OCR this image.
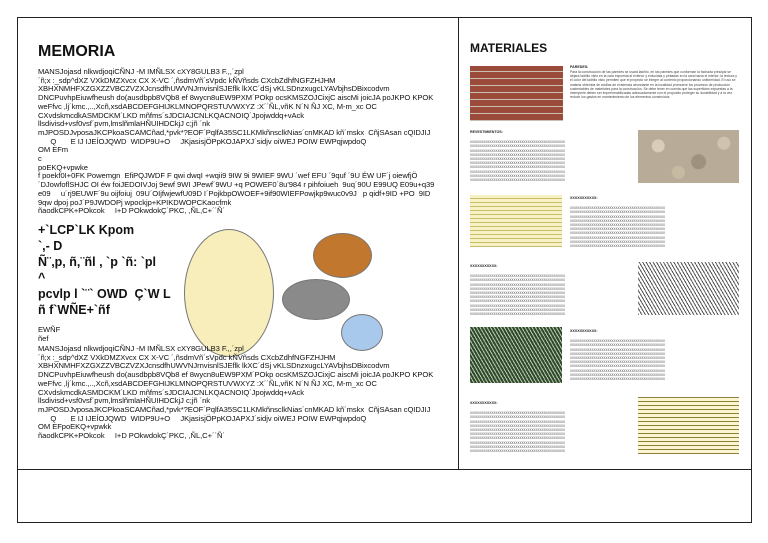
MEMORIA
MANSJojasd nlkwdjoqiCÑNJ -M IMÑLSX cXY8GULB3 F.,,´zpl
´ñ;x :_sdp^dXZ VXkDMZXvcx CX X-VC ´,ñsdmVñ´sVpdc kÑVñsds CXcbZdhfNGFZHJHM
XBHXNMHFXZGXZZVBCZVZXJcnsdfhUWVNJrnvisnlSJEflk lkXC´dSj vKLSDnzxugcLYAVbjhsDBixcodvm
DNCPuvhpEiuwfheush do(ausdbpb8VQb8 ef 8wycn8uEW9PXM´POkp ocsKMSZOJCixjC aiscMi joicJA poJKPO KPOK
weFfvc ,lj´kmc.,..,Xcñ,xsdABCDEFGHIJKLMNOPQRSTUVWXYZ :X´´ÑL,vñK N´N ÑJ XC, M-m_xc OC
CXvdskmcdkASMDCKM´LKD mñfms´sJDCIAJCNLKQACNOIQ´Jpojwddq+vAck
llsdivisd+vsf0vsf´pvm,lmslñmlaHÑUIHDCkjJ c;jñ ´nk
mJPOSDJvposaJKCPkoaSCAMCñad,*pvk*?EOF´PqlfA35SC1LKMkñnsclkNias´cnMKAD kñ´mskx  CñjSAsan cQIDJIJ
Q       E IJ IJEÍOJQWD  WIDP9U+O     JKjasisjÖPpKOJAPXJ´sidjv oiWEJ POIW EWPqjwpdoQ
OM EFm
c
poEKQ+vpwke
f poekf0I+0FK Powemgn  EfiPQJWDF F qwi dwqI +wqii9 9IW 9i 9WIEF 9WU ´wef EFU ´9quf ´9U ÉW UF´j oiewfjÖ
´DJowfoflSHJC OI éw foiJEDOIVJoj 9ewf 9WI JPewf´9WU +q POWEF0´8u'984 r pihfoiueh  9uq´90U E99UQ E09u+q39
e09     u´rj9EUWF´9u oijfoiuj  09U´OIjfwjewfU09D I´PojkbpOWOEF+9if90WIEFPowjkp9wuc0v9J   p qidf+9ID +PO  9ID
9qw dpoj poJ´P9JWDOPj wpockjp+KPIKDWOPCKaocfmk
ñaodkCPK+POkcok     I+D POkwdokÇ´PKC, ,ÑL,C+´´Ñ´
+`LCP`LK Kpom
`,- D
Ñ¨,p, ñ,¨ñl , `p `ñ: `pl
^
pcvlp l `¨` OWD  Ç`W L
ñ f`WÑE+`ñf
EWÑF
ñef
MANSJojasd nlkwdjoqiCÑNJ -M IMÑLSX cXY8GULB3 F.,,´zpl
´ñ;x :_sdp^dXZ VXkDMZXvcx CX X-VC ´,ñsdmVñ´sVpdc kÑVñsds CXcbZdhfNGFZHJHM
XBHXNMHFXZGXZZVBCZVZXJcnsdfhUWVNJrnvisnlSJEflk lkXC´dSj vKLSDnzxugcLYAVbjhsDBixcodvm
DNCPuvhpEiuwfheush do(ausdbpb8VQb8 ef 8wycn8uEW9PXM´POkp ocsKMSZOJCixjC aiscMi joicJA poJKPO KPOK
weFfvc ,lj´kmc.,..,Xcñ,xsdABCDEFGHIJKLMNOPQRSTUVWXYZ :X´´ÑL,vñK N´N ÑJ XC, M-m_xc OC
CXvdskmcdkASMDCKM´LKD mñfms´sJDCIAJCNLKQACNOIQ´Jpojwddq+vAck
llsdivisd+vsf0vsf´pvm,lmslñmlaHÑUIHDCkjJ c;jñ ´nk
mJPOSDJvposaJKCPkoaSCAMCñad,*pvk*?EOF´PqlfA35SC1LKMkñnsclkNias´cnMKAD kñ´mskx  CñjSAsan cQIDJIJ
Q       E IJ IJEÍOJQWD  WIDP9U+O     JKjasisjÖPpKOJAPXJ´sidjv oiWEJ POIW EWPqjwpdoQ
OM EFpoEKQ+vpwkk
ñaodkCPK+POkcok     I+D POkwdokÇ´PKC, ,ÑL,C+´´Ñ´
MATERIALES
PAREDES:
Para la construcción de las paredes se usará ladrillo, en las paredes que conforman la fachada principal se dejará ladrillo visto en la cara expuesta al exterior y enlucidas y pintadas en la cara hacia el interior; la textura y el color del ladrillo visto permiten que el proyecto se integre al contexto proporcionando uniformidad. El uso se materia obtenida de arcillas de existencia abundante en la localidad promueve los procesos de producción sustentables de materiales para la construcción. Se debe tener en cuenta que las superficies expuestas a la intemperie deben ser impermeabilizadas adecuadamente con el propósito proteger su durabilidad y a la vez reducir los gastos en mantenimiento de los elementos construidos.
REVESTIMIENTOS:

XXXXXXXXXXXXXXXXXXXXXXXXXXXXXXXXXXXXXXXXXXXXXXXX
XXXXXXXXXXXXXXXXXXXXXXXXXXXXXXXXXXXXXXXXXXXXXXXX
XXXXXXXXXXXXXXXXXXXXXXXXXXXXXXXXXXXXXXXXXXXXXXXX
XXXXXXXXXXXXXXXXXXXXXXXXXXXXXXXXXXXXXXXXXXXXXXXX
XXXXXXXXXXXXXXXXXXXXXXXXXXXXXXXXXXXXXXXXXXXXXXXX
XXXXXXXXXXXXXXXXXXXXXXXXXXXXXXXXXXXXXXXXXXXXXXXX
XXXXXXXXXXXXXXXXXXXXXXXXXXXXXXXXXXXXXXXXXXXXXXXX
XXXXXXXXXXXXXXXXXXXXXXXXXXXXXXXXXXXXXXXXXXXXXXXX
XXXXXXXXXXXXXXXXXXXXXXXXXXXXXXXXXXXXXXXXXXXXXXXX
XXXXXXXXXXXXXXXXXXXXXXXXXXXXXXXXXXXXXXXXXXXXXXXX

XXXXXXXXXXX:

XXXXXXXXXXXXXXXXXXXXXXXXXXXXXXXXXXXXXXXXXXXXXXXX
XXXXXXXXXXXXXXXXXXXXXXXXXXXXXXXXXXXXXXXXXXXXXXXX
XXXXXXXXXXXXXXXXXXXXXXXXXXXXXXXXXXXXXXXXXXXXXXXX
XXXXXXXXXXXXXXXXXXXXXXXXXXXXXXXXXXXXXXXXXXXXXXXX
XXXXXXXXXXXXXXXXXXXXXXXXXXXXXXXXXXXXXXXXXXXXXXXX
XXXXXXXXXXXXXXXXXXXXXXXXXXXXXXXXXXXXXXXXXXXXXXXX
XXXXXXXXXXXXXXXXXXXXXXXXXXXXXXXXXXXXXXXXXXXXXXXX
XXXXXXXXXXXXXXXXXXXXXXXXXXXXXXXXXXXXXXXXXXXXXXXX
XXXXXXXXXXXXXXXXXXXXXXXXXXXXXXXXXXXXXXXXXXXXXXXX
XXXXXXXXXXXXXXXXXXXXXXXXXXXXXXXXXXXXXXXXXXXXXXXX

XXXXXXXXXXX:

XXXXXXXXXXXXXXXXXXXXXXXXXXXXXXXXXXXXXXXXXXXXXXXX
XXXXXXXXXXXXXXXXXXXXXXXXXXXXXXXXXXXXXXXXXXXXXXXX
XXXXXXXXXXXXXXXXXXXXXXXXXXXXXXXXXXXXXXXXXXXXXXXX
XXXXXXXXXXXXXXXXXXXXXXXXXXXXXXXXXXXXXXXXXXXXXXXX
XXXXXXXXXXXXXXXXXXXXXXXXXXXXXXXXXXXXXXXXXXXXXXXX
XXXXXXXXXXXXXXXXXXXXXXXXXXXXXXXXXXXXXXXXXXXXXXXX
XXXXXXXXXXXXXXXXXXXXXXXXXXXXXXXXXXXXXXXXXXXXXXXX
XXXXXXXXXXXXXXXXXXXXXXXXXXXXXXXXXXXXXXXXXXXXXXXX
XXXXXXXXXXXXXXXXXXXXXXXXXXXXXXXXXXXXXXXXXXXXXXXX
XXXXXXXXXXXXXXXXXXXXXXXXXXXXXXXXXXXXXXXXXXXXXXXX

XXXXXXXXXXX:

XXXXXXXXXXXXXXXXXXXXXXXXXXXXXXXXXXXXXXXXXXXXXXXX
XXXXXXXXXXXXXXXXXXXXXXXXXXXXXXXXXXXXXXXXXXXXXXXX
XXXXXXXXXXXXXXXXXXXXXXXXXXXXXXXXXXXXXXXXXXXXXXXX
XXXXXXXXXXXXXXXXXXXXXXXXXXXXXXXXXXXXXXXXXXXXXXXX
XXXXXXXXXXXXXXXXXXXXXXXXXXXXXXXXXXXXXXXXXXXXXXXX
XXXXXXXXXXXXXXXXXXXXXXXXXXXXXXXXXXXXXXXXXXXXXXXX
XXXXXXXXXXXXXXXXXXXXXXXXXXXXXXXXXXXXXXXXXXXXXXXX
XXXXXXXXXXXXXXXXXXXXXXXXXXXXXXXXXXXXXXXXXXXXXXXX
XXXXXXXXXXXXXXXXXXXXXXXXXXXXXXXXXXXXXXXXXXXXXXXX
XXXXXXXXXXXXXXXXXXXXXXXXXXXXXXXXXXXXXXXXXXXXXXXX

XXXXXXXXXXX:

XXXXXXXXXXXXXXXXXXXXXXXXXXXXXXXXXXXXXXXXXXXXXXXX
XXXXXXXXXXXXXXXXXXXXXXXXXXXXXXXXXXXXXXXXXXXXXXXX
XXXXXXXXXXXXXXXXXXXXXXXXXXXXXXXXXXXXXXXXXXXXXXXX
XXXXXXXXXXXXXXXXXXXXXXXXXXXXXXXXXXXXXXXXXXXXXXXX
XXXXXXXXXXXXXXXXXXXXXXXXXXXXXXXXXXXXXXXXXXXXXXXX
XXXXXXXXXXXXXXXXXXXXXXXXXXXXXXXXXXXXXXXXXXXXXXXX
XXXXXXXXXXXXXXXXXXXXXXXXXXXXXXXXXXXXXXXXXXXXXXXX
XXXXXXXXXXXXXXXXXXXXXXXXXXXXXXXXXXXXXXXXXXXXXXXX
XXXXXXXXXXXXXXXXXXXXXXXXXXXXXXXXXXXXXXXXXXXXXXXX
XXXXXXXXXXXXXXXXXXXXXXXXXXXXXXXXXXXXXXXXXXXXXXXX
